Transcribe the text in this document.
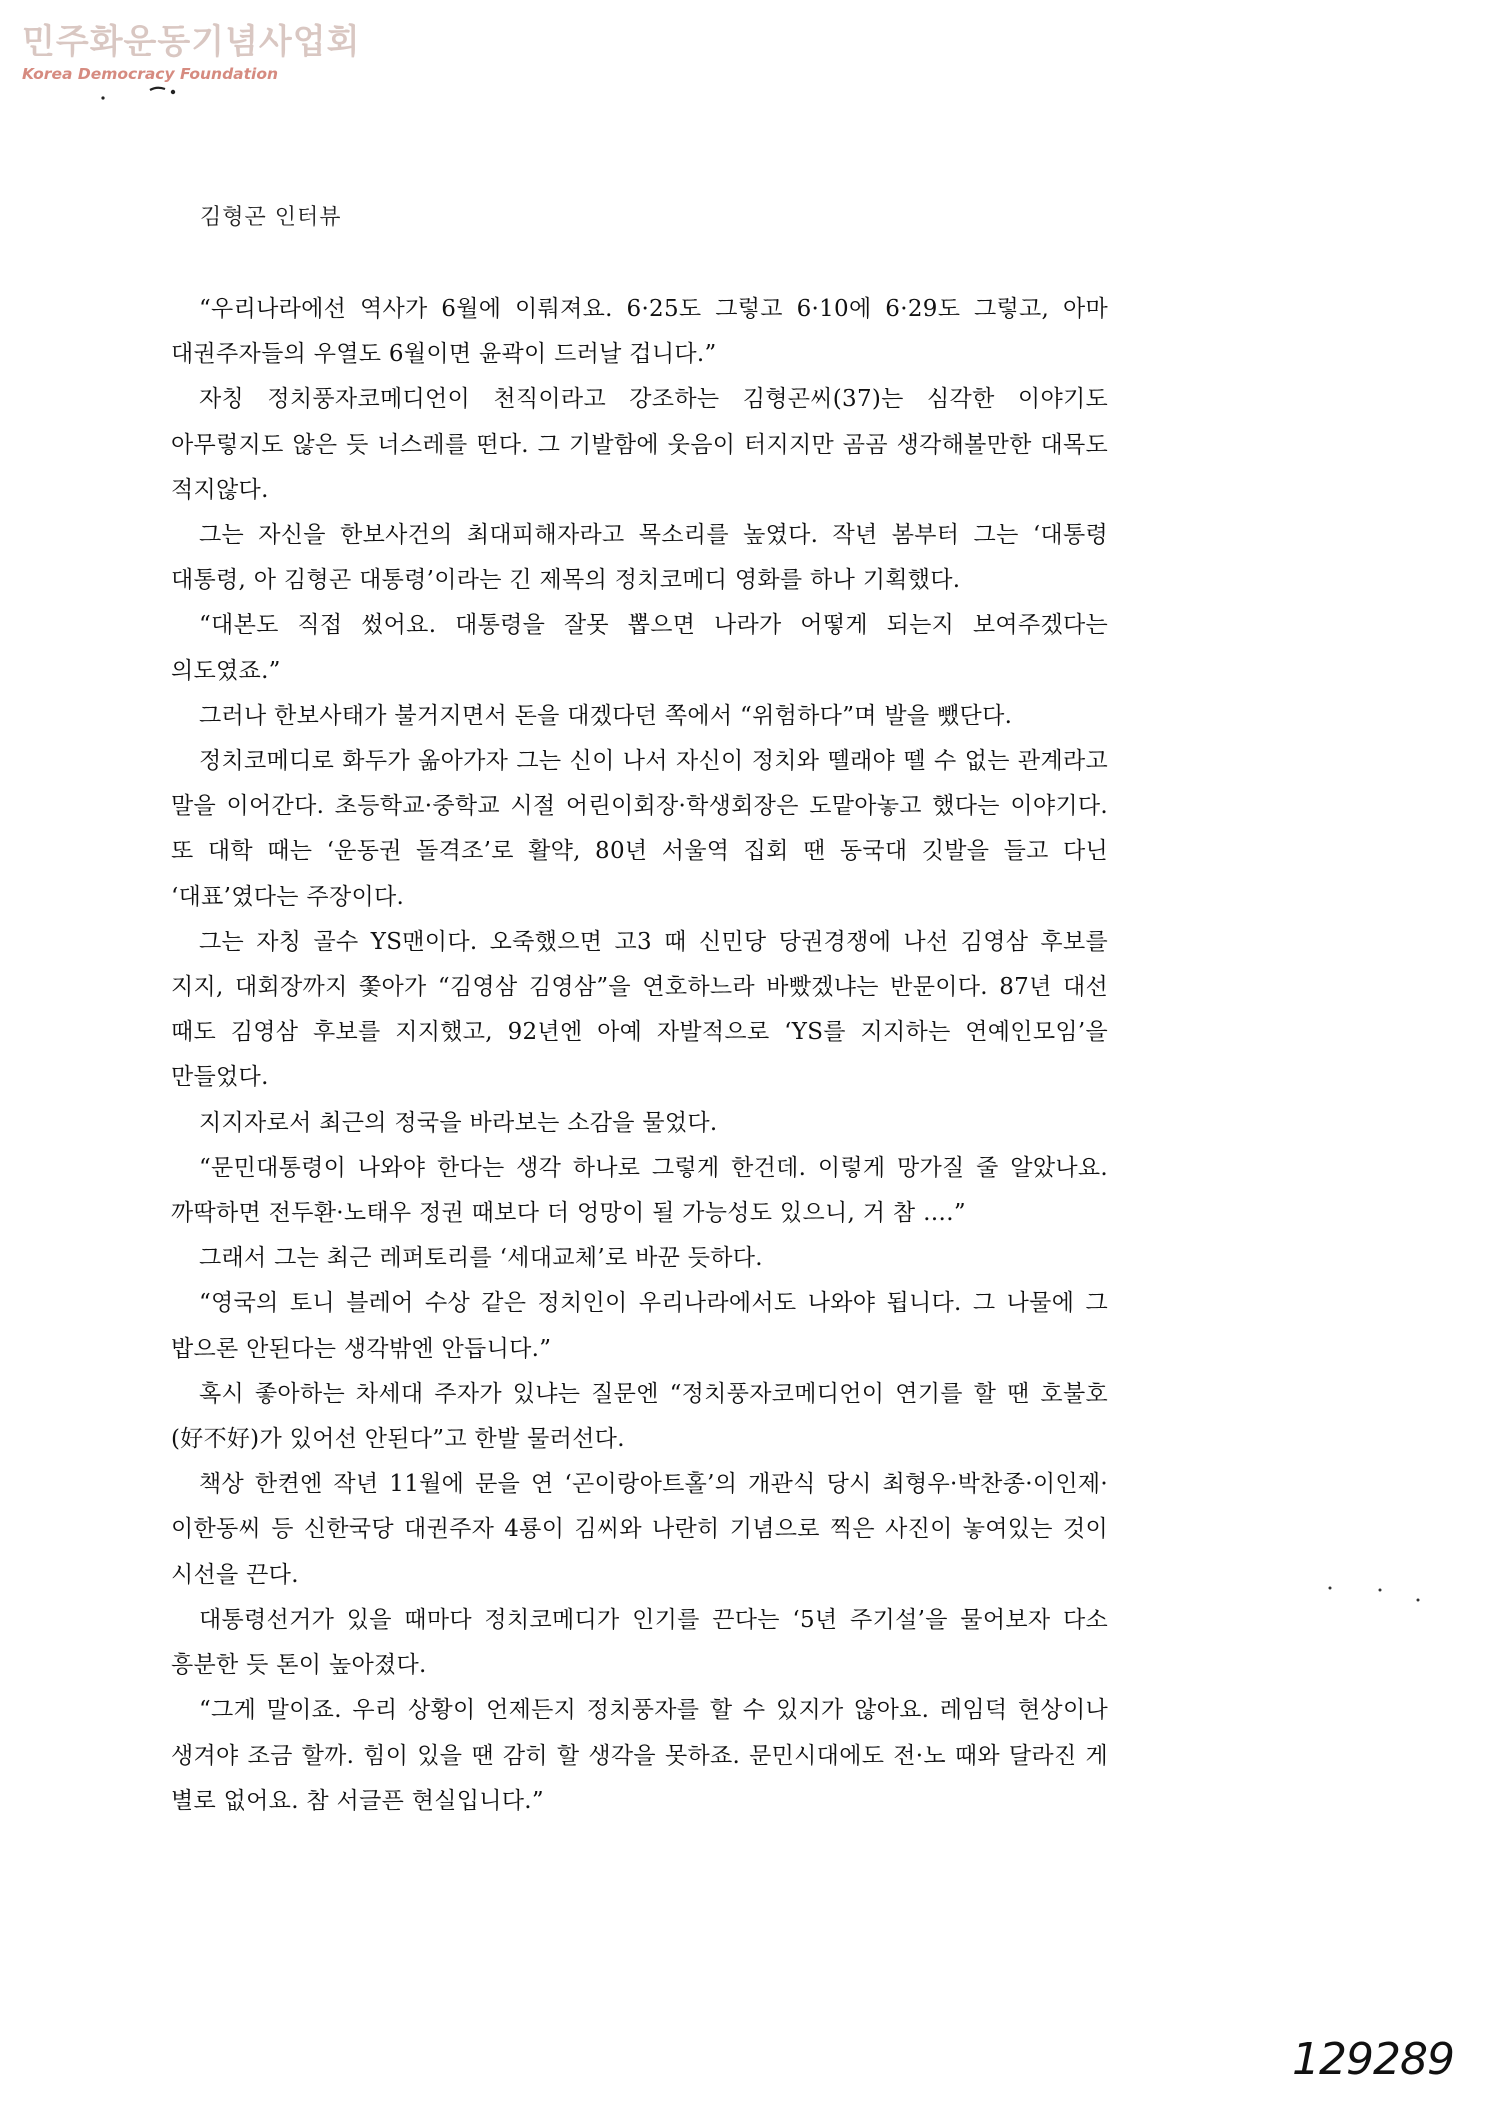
민주화운동기념사업회
Korea Democracy Foundation
김형곤 인터뷰

“우리나라에선 역사가 6월에 이뤄져요. 6·25도 그렇고 6·10에 6·29도 그렇고, 아마 대권주자들의 우열도 6월이면 윤곽이 드러날 겁니다.”

자칭 정치풍자코메디언이 천직이라고 강조하는 김형곤씨(37)는 심각한 이야기도 아무렇지도 않은 듯 너스레를 떤다. 그 기발함에 웃음이 터지지만 곰곰 생각해볼만한 대목도 적지않다.

그는 자신을 한보사건의 최대피해자라고 목소리를 높였다. 작년 봄부터 그는 ‘대통령 대통령, 아 김형곤 대통령’이라는 긴 제목의 정치코메디 영화를 하나 기획했다.

“대본도 직접 썼어요. 대통령을 잘못 뽑으면 나라가 어떻게 되는지 보여주겠다는 의도였죠.”

그러나 한보사태가 불거지면서 돈을 대겠다던 쪽에서 “위험하다”며 발을 뺐단다.

정치코메디로 화두가 옮아가자 그는 신이 나서 자신이 정치와 뗄래야 뗄 수 없는 관계라고 말을 이어간다. 초등학교·중학교 시절 어린이회장·학생회장은 도맡아놓고 했다는 이야기다. 또 대학 때는 ‘운동권 돌격조’로 활약, 80년 서울역 집회 땐 동국대 깃발을 들고 다닌 ‘대표’였다는 주장이다.

그는 자칭 골수 YS맨이다. 오죽했으면 고3 때 신민당 당권경쟁에 나선 김영삼 후보를 지지, 대회장까지 쫓아가 “김영삼 김영삼”을 연호하느라 바빴겠냐는 반문이다. 87년 대선 때도 김영삼 후보를 지지했고, 92년엔 아예 자발적으로 ‘YS를 지지하는 연예인모임’을 만들었다.

지지자로서 최근의 정국을 바라보는 소감을 물었다.

“문민대통령이 나와야 한다는 생각 하나로 그렇게 한건데. 이렇게 망가질 줄 알았나요. 까딱하면 전두환·노태우 정권 때보다 더 엉망이 될 가능성도 있으니, 거 참 ….”

그래서 그는 최근 레퍼토리를 ‘세대교체’로 바꾼 듯하다.

“영국의 토니 블레어 수상 같은 정치인이 우리나라에서도 나와야 됩니다. 그 나물에 그 밥으론 안된다는 생각밖엔 안듭니다.”

혹시 좋아하는 차세대 주자가 있냐는 질문엔 “정치풍자코메디언이 연기를 할 땐 호불호(好不好)가 있어선 안된다”고 한발 물러선다.

책상 한켠엔 작년 11월에 문을 연 ‘곤이랑아트홀’의 개관식 당시 최형우·박찬종·이인제·이한동씨 등 신한국당 대권주자 4룡이 김씨와 나란히 기념으로 찍은 사진이 놓여있는 것이 시선을 끈다.

대통령선거가 있을 때마다 정치코메디가 인기를 끈다는 ‘5년 주기설’을 물어보자 다소 흥분한 듯 톤이 높아졌다.

“그게 말이죠. 우리 상황이 언제든지 정치풍자를 할 수 있지가 않아요. 레임덕 현상이나 생겨야 조금 할까. 힘이 있을 땐 감히 할 생각을 못하죠. 문민시대에도 전·노 때와 달라진 게 별로 없어요. 참 서글픈 현실입니다.”

129289
